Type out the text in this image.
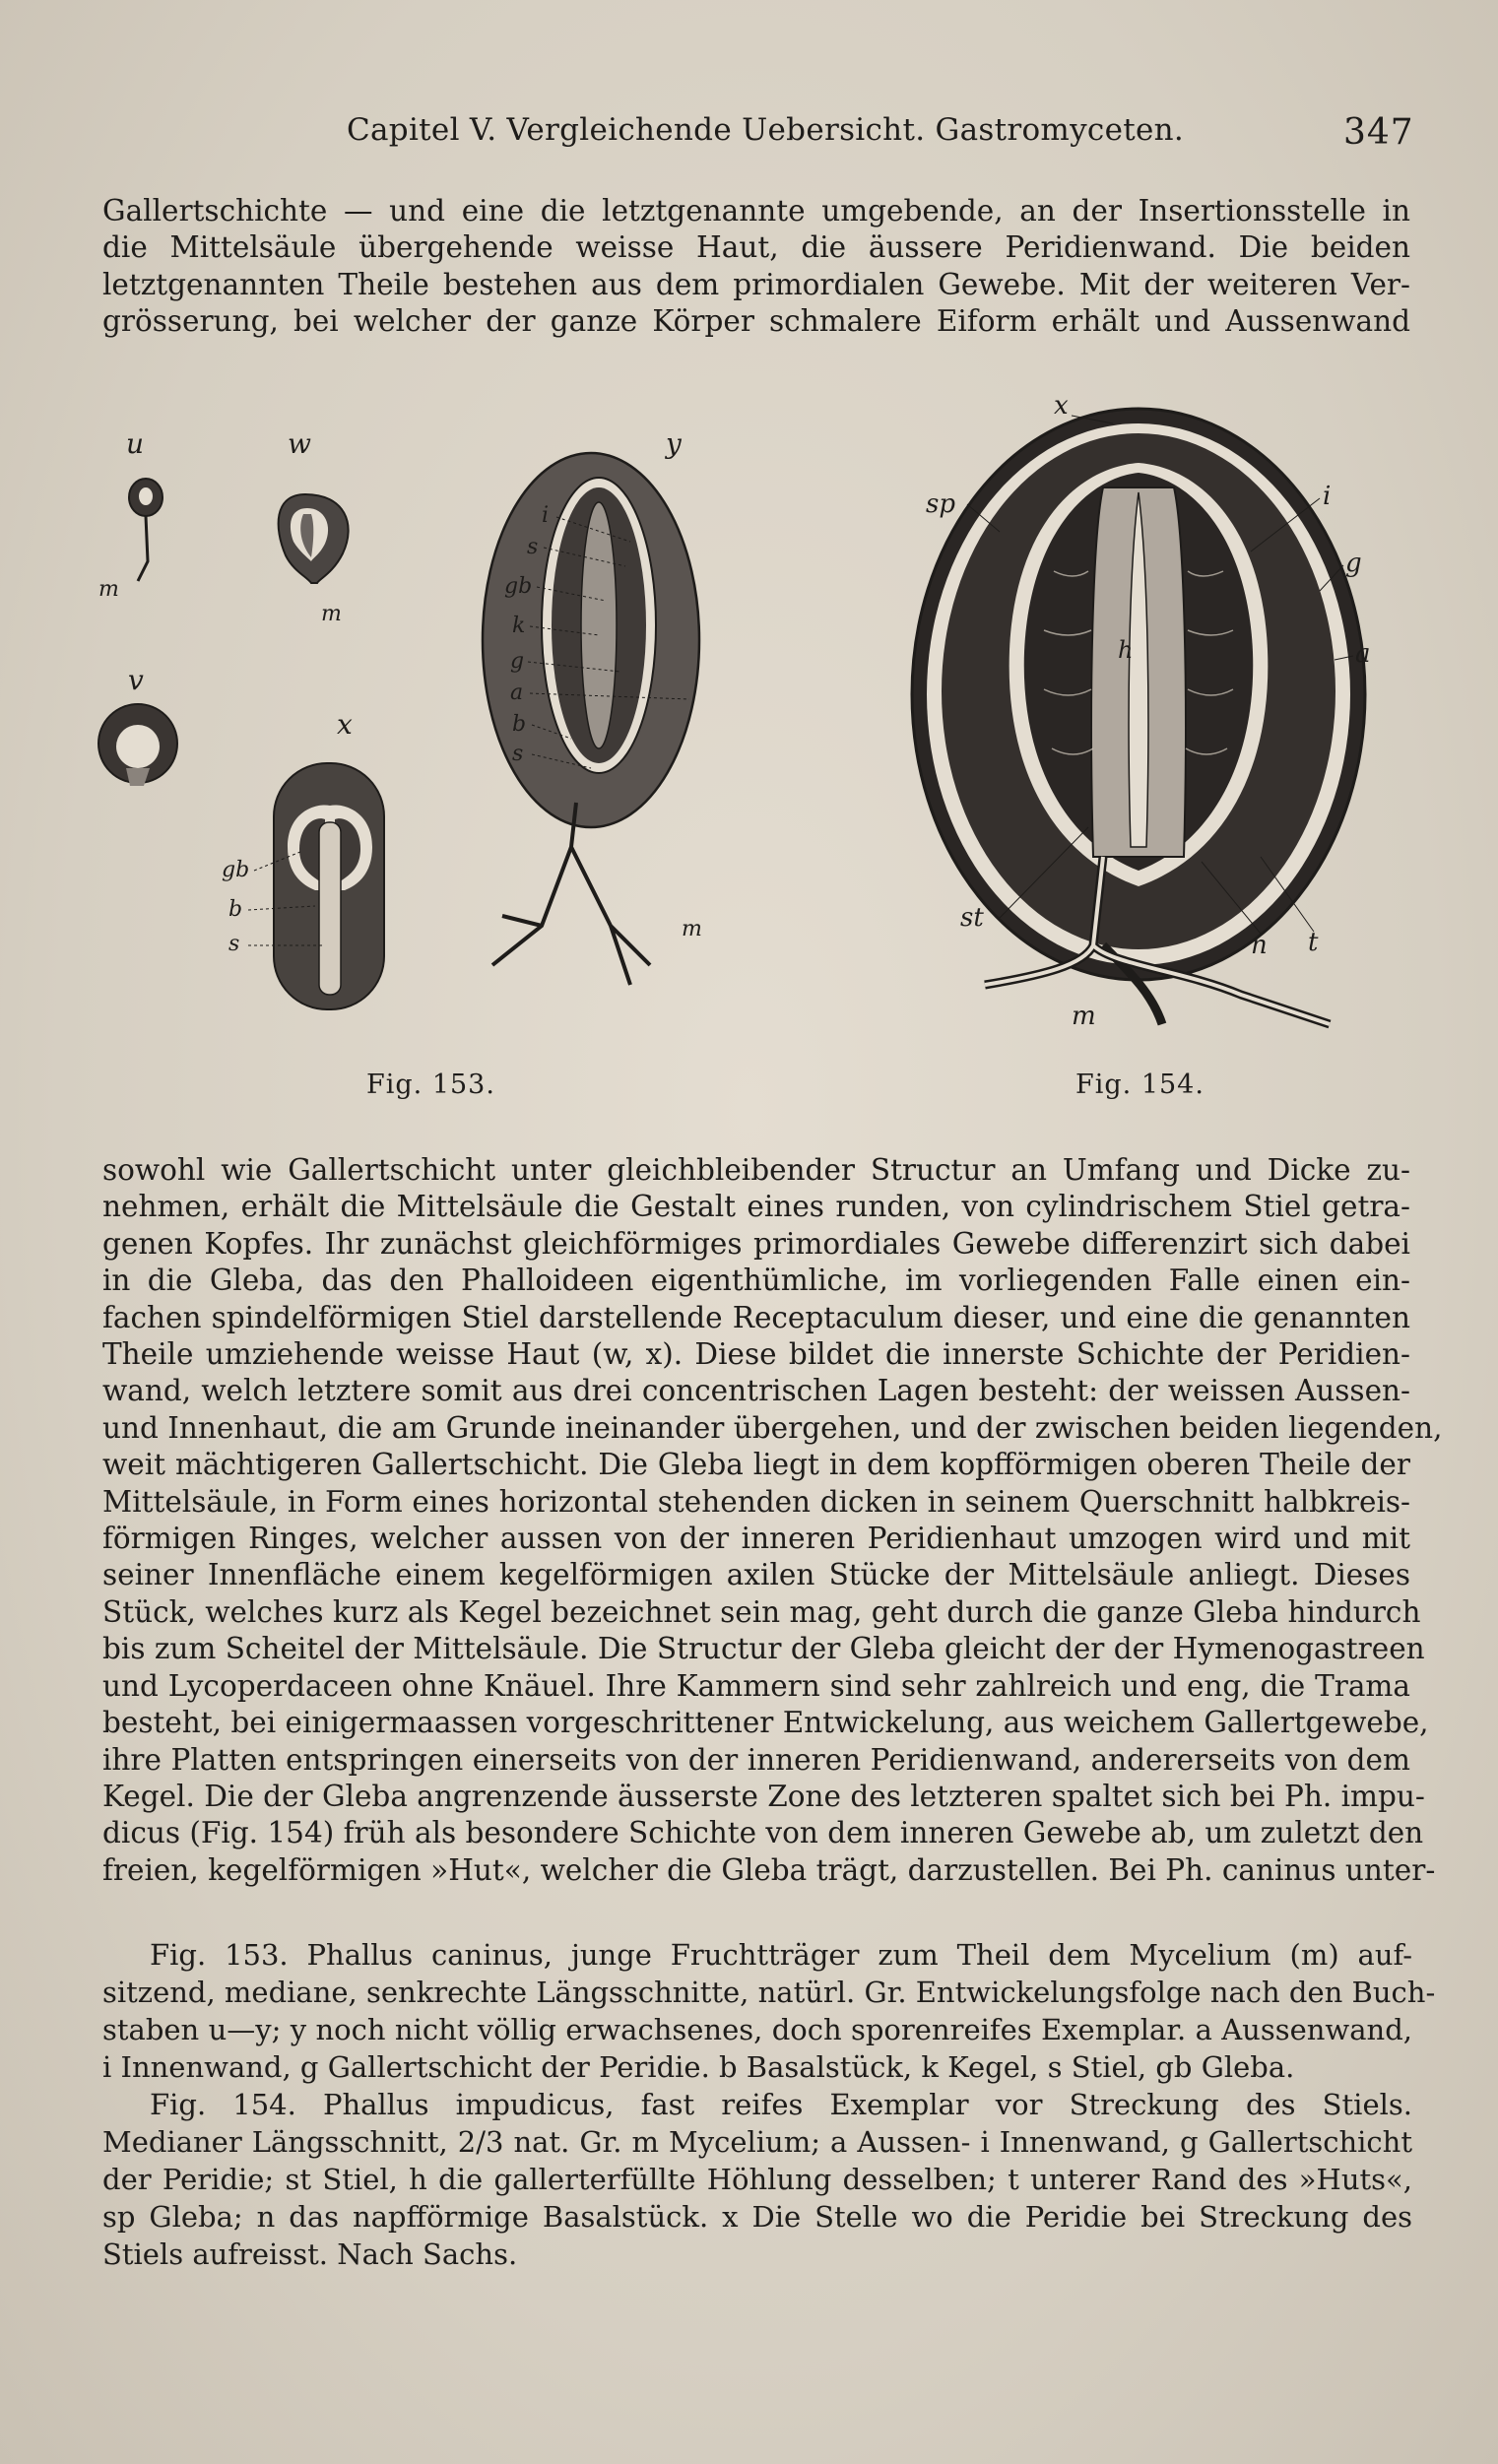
Capitel V. Vergleichende Uebersicht. Gastromyceten.	347
Gallertschichte — und eine die letztgenannte umgebende, an der Insertionsstelle in
die Mittelsäule übergehende weisse Haut, die äussere Peridienwand. Die beiden
letztgenannten Theile bestehen aus dem primordialen Gewebe. Mit der weiteren Ver-
grösserung, bei welcher der ganze Körper schmalere Eiform erhält und Aussenwand
u	w
v
x
y
m
m
m
i
s
gb
k
g
a
b
s
gb
b
s
Fig. 153.
x
sp	i
g
a
h
st
n t
m
Fig. 154.
sowohl wie Gallertschicht unter gleichbleibender Structur an Umfang und Dicke zu-
nehmen, erhält die Mittelsäule die Gestalt eines runden, von cylindrischem Stiel getra-
genen Kopfes. Ihr zunächst gleichförmiges primordiales Gewebe differenzirt sich dabei
in die Gleba, das den Phalloideen eigenthümliche, im vorliegenden Falle einen ein-
fachen spindelförmigen Stiel darstellende Receptaculum dieser, und eine die genannten
Theile umziehende weisse Haut (w, x). Diese bildet die innerste Schichte der Peridien-
wand, welch letztere somit aus drei concentrischen Lagen besteht: der weissen Aussen-
und Innenhaut, die am Grunde ineinander übergehen, und der zwischen beiden liegenden,
weit mächtigeren Gallertschicht. Die Gleba liegt in dem kopfförmigen oberen Theile der
Mittelsäule, in Form eines horizontal stehenden dicken in seinem Querschnitt halbkreis-
förmigen Ringes, welcher aussen von der inneren Peridienhaut umzogen wird und mit
seiner Innenfläche einem kegelförmigen axilen Stücke der Mittelsäule anliegt. Dieses
Stück, welches kurz als Kegel bezeichnet sein mag, geht durch die ganze Gleba hindurch
bis zum Scheitel der Mittelsäule. Die Structur der Gleba gleicht der der Hymenogastreen
und Lycoperdaceen ohne Knäuel. Ihre Kammern sind sehr zahlreich und eng, die Trama
besteht, bei einigermaassen vorgeschrittener Entwickelung, aus weichem Gallertgewebe,
ihre Platten entspringen einerseits von der inneren Peridienwand, andererseits von dem
Kegel. Die der Gleba angrenzende äusserste Zone des letzteren spaltet sich bei Ph. impu-
dicus (Fig. 154) früh als besondere Schichte von dem inneren Gewebe ab, um zuletzt den
freien, kegelförmigen »Hut«, welcher die Gleba trägt, darzustellen. Bei Ph. caninus unter-
Fig. 153. Phallus caninus, junge Fruchtträger zum Theil dem Mycelium (m) auf-
sitzend, mediane, senkrechte Längsschnitte, natürl. Gr. Entwickelungsfolge nach den Buch-
staben u—y; y noch nicht völlig erwachsenes, doch sporenreifes Exemplar. a Aussenwand,
i Innenwand, g Gallertschicht der Peridie. b Basalstück, k Kegel, s Stiel, gb Gleba.
Fig. 154. Phallus impudicus, fast reifes Exemplar vor Streckung des Stiels.
Medianer Längsschnitt, 2/3 nat. Gr. m Mycelium; a Aussen- i Innenwand, g Gallertschicht
der Peridie; st Stiel, h die gallerterfüllte Höhlung desselben; t unterer Rand des »Huts«,
sp Gleba; n das napfförmige Basalstück. x Die Stelle wo die Peridie bei Streckung des
Stiels aufreisst. Nach Sachs.
